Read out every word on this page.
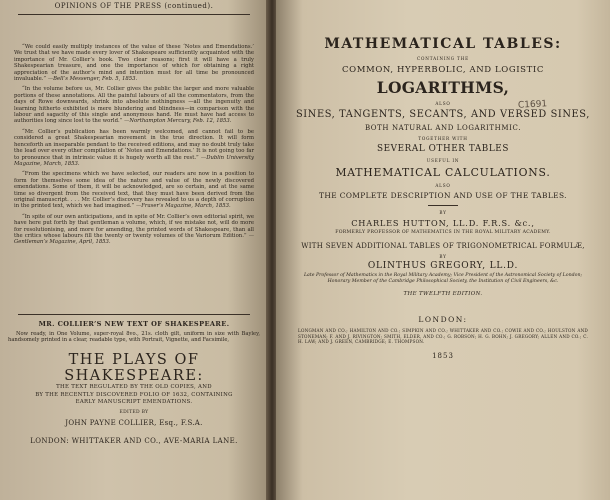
OPINIONS OF THE PRESS (continued).
“We could easily multiply instances of the value of these ‘Notes and Emendations.’ We trust that we have made every lover of Shakespeare sufficiently acquainted with the importance of Mr. Collier’s book. Two clear reasons; first it will have a truly Shakespearian treasure, and one the importance of which for obtaining a right appreciation of the author’s mind and intention must for all time be pronounced invaluable.” —Bell’s Messenger, Feb. 5, 1853.
“In the volume before us, Mr. Collier gives the public the larger and more valuable portions of these annotations. All the painful labours of all the commentators, from the days of Rowe downwards, shrink into absolute nothingness —all the ingenuity and learning hitherto exhibited is mere blundering and blindness—in comparison with the labour and sagacity of this single and anonymous hand. He must have had access to authorities long since lost to the world.” —Northampton Mercury, Feb. 12, 1853.
“Mr. Collier’s publication has been warmly welcomed, and cannot fail to be considered a great Shakespearian movement in the true direction. It will form henceforth an inseparable pendant to the received editions, and may no doubt truly take the lead over every other compilation of ‘Notes and Emendations.’ It is not going too far to pronounce that in intrinsic value it is hugely worth all the rest.” —Dublin University Magazine, March, 1853.
“From the specimens which we have selected, our readers are now in a position to form for themselves some idea of the nature and value of the newly discovered emendations. Some of them, it will be acknowledged, are so certain, and at the same time so divergent from the received text, that they must have been derived from the original manuscript. . . . Mr. Collier’s discovery has revealed to us a depth of corruption in the printed text, which we had imagined.” —Fraser’s Magazine, March, 1853.
“In spite of our own anticipations, and in spite of Mr. Collier’s own editorial spirit, we have here put forth by that gentleman a volume, which, if we mistake not, will do more for resolutionising, and more for amending, the printed words of Shakespeare, than all the critics whose labours fill the twenty or twenty volumes of the Variorum Edition.” —Gentleman’s Magazine, April, 1853.
MR. COLLIER’S NEW TEXT OF SHAKESPEARE.
Now ready, in One Volume, super-royal 8vo., 21s. cloth gilt, uniform in size with Bayley, handsomely printed in a clear, readable type, with Portrait, Vignette, and Facsimile,
THE PLAYS OF SHAKESPEARE:
THE TEXT REGULATED BY THE OLD COPIES, AND
BY THE RECENTLY DISCOVERED FOLIO OF 1632, CONTAINING
EARLY MANUSCRIPT EMENDATIONS.
EDITED BY
JOHN PAYNE COLLIER, Esq., F.S.A.
LONDON: WHITTAKER AND CO., AVE-MARIA LANE.
MATHEMATICAL TABLES:
CONTAINING THE
COMMON, HYPERBOLIC, AND LOGISTIC
LOGARITHMS,
ALSO
SINES, TANGENTS, SECANTS, AND VERSED SINES,
BOTH NATURAL AND LOGARITHMIC.
TOGETHER WITH
SEVERAL OTHER TABLES
USEFUL IN
MATHEMATICAL CALCULATIONS.
ALSO
THE COMPLETE DESCRIPTION AND USE OF THE TABLES.
BY
CHARLES HUTTON, LL.D. F.R.S. &c.,
FORMERLY PROFESSOR OF MATHEMATICS IN THE ROYAL MILITARY ACADEMY.
WITH SEVEN ADDITIONAL TABLES OF TRIGONOMETRICAL FORMULÆ,
BY
OLINTHUS GREGORY, LL.D.
Late Professor of Mathematics in the Royal Military Academy; Vice President of the Astronomical Society of London; Honorary Member of the Cambridge Philosophical Society, the Institution of Civil Engineers, &c.
THE TWELFTH EDITION.
LONDON:
LONGMAN AND CO.; HAMILTON AND CO.; SIMPKIN AND CO.; WHITTAKER AND CO.; COWIE AND CO.; HOULSTON AND STONEMAN; F. AND J. RIVINGTON; SMITH, ELDER, AND CO.; G. ROBSON; H. G. BOHN; J. GREGORY; ALLEN AND CO.; C. H. LAW; AND J. GREEN, CAMBRIDGE; E. THOMPSON.
1853
C1691
